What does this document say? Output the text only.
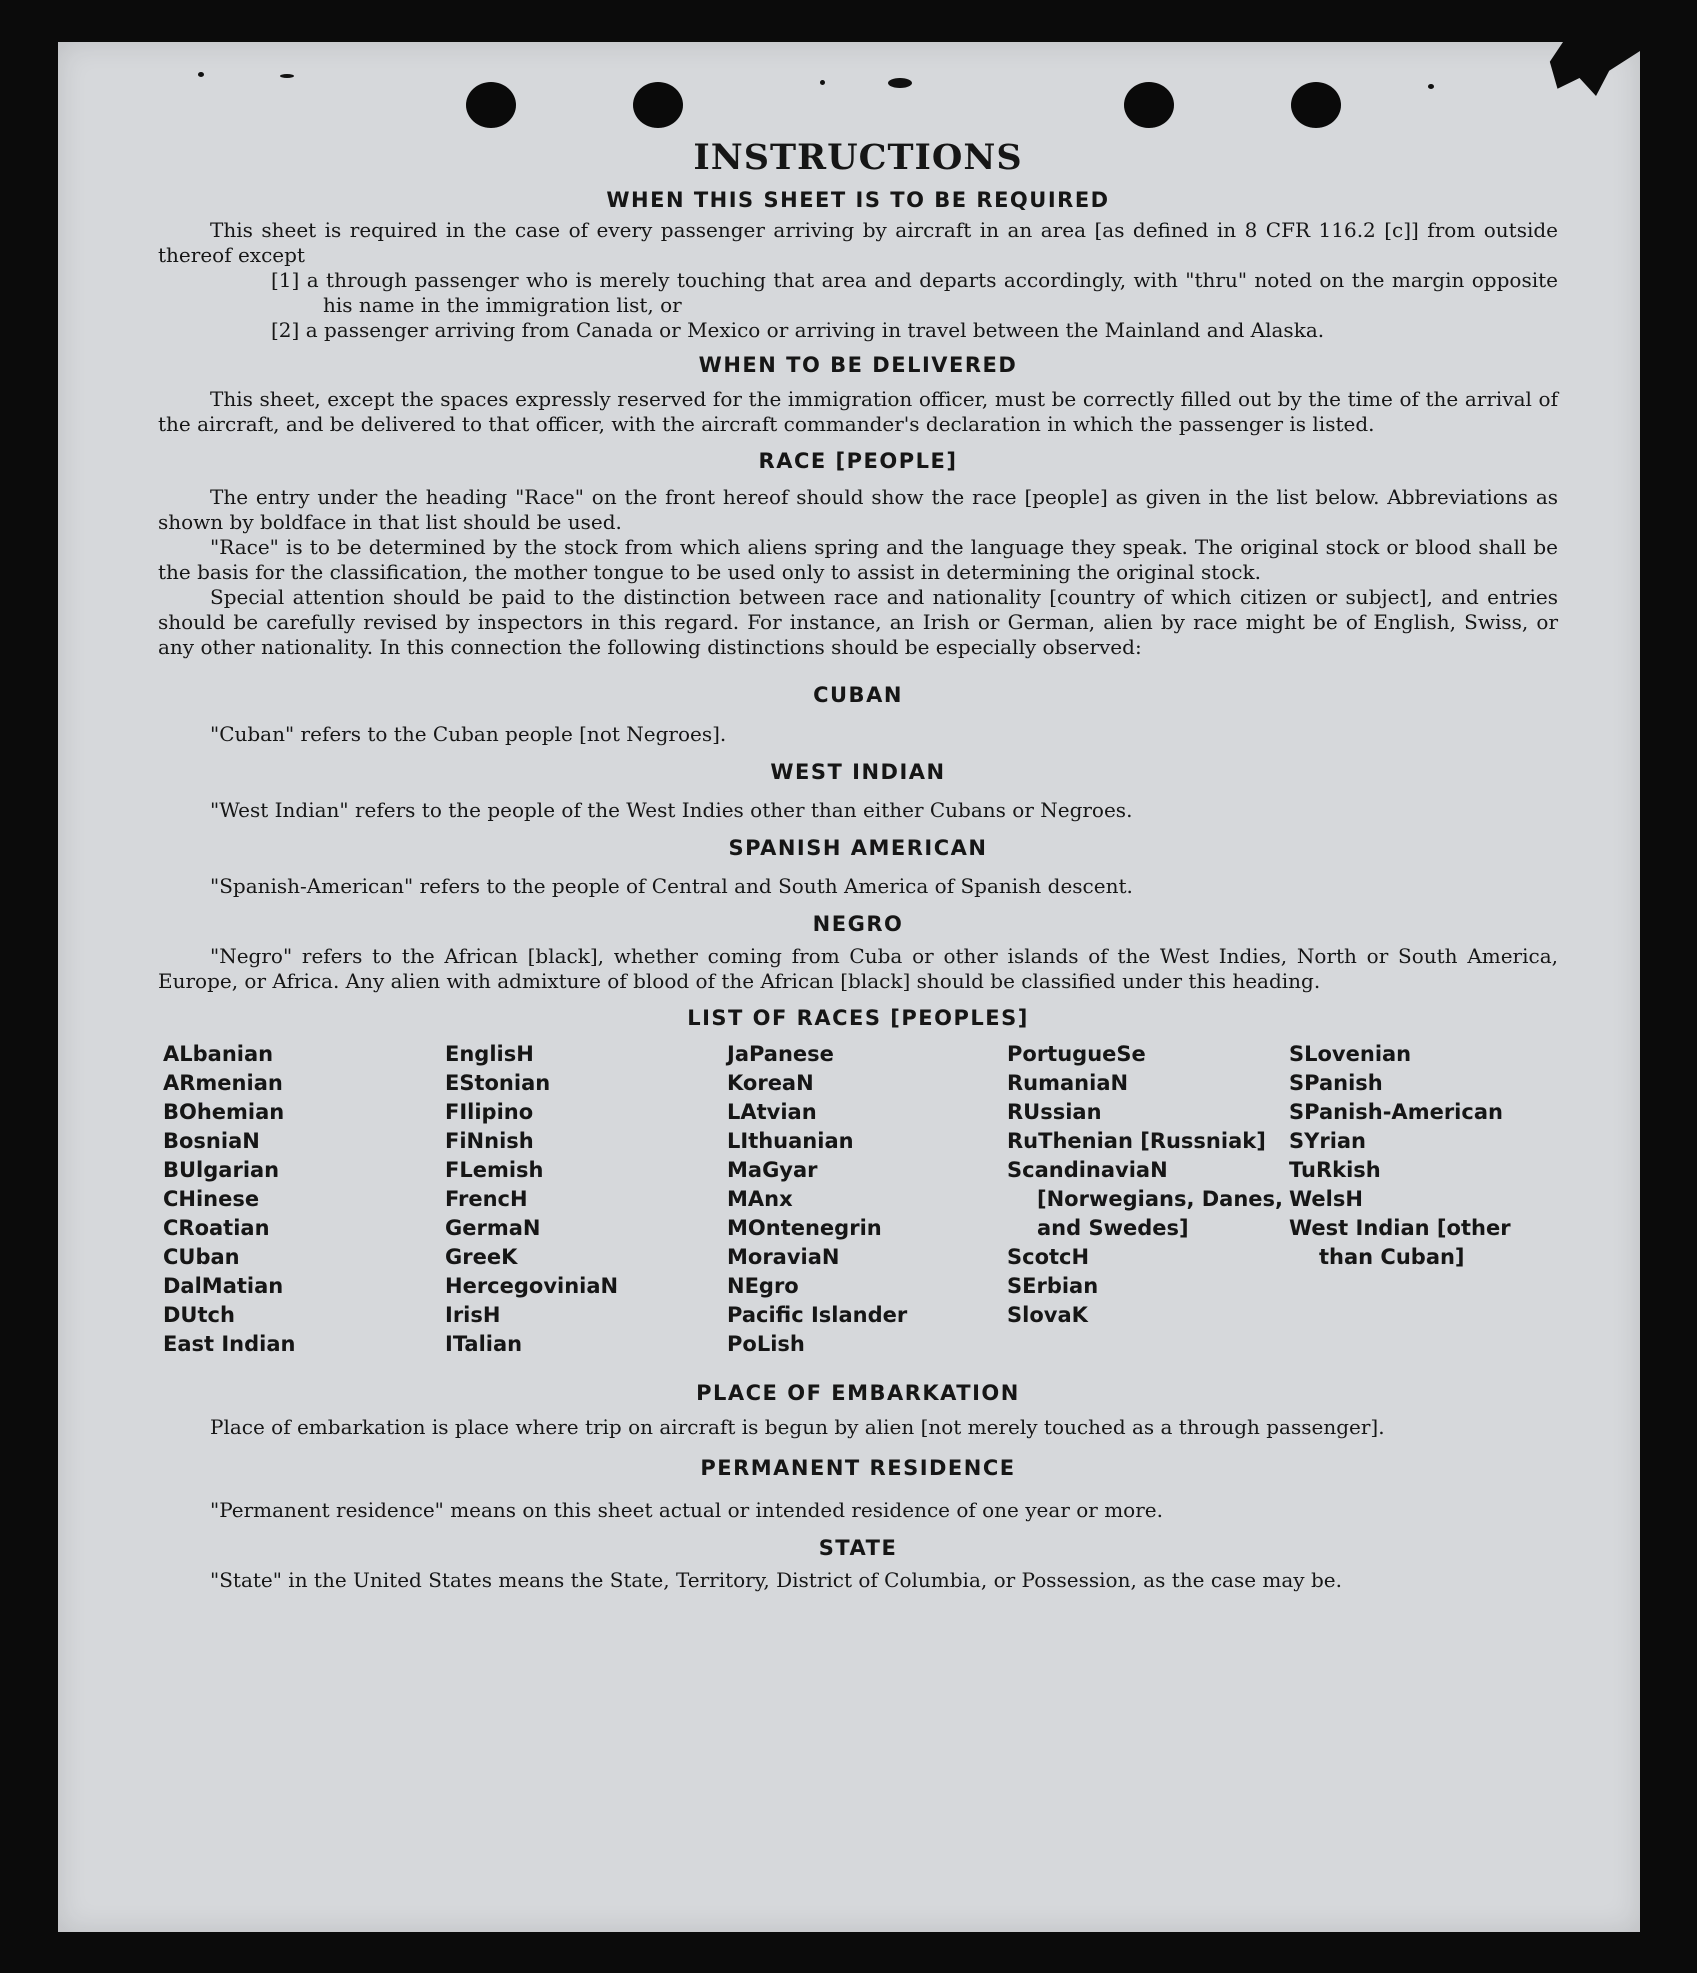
INSTRUCTIONS
WHEN THIS SHEET IS TO BE REQUIRED

This sheet is required in the case of every passenger arriving by aircraft in an area [as defined in 8 CFR 116.2 [c]] from outside thereof except

[1] a through passenger who is merely touching that area and departs accordingly, with "thru" noted on the margin opposite his name in the immigration list, or

[2] a passenger arriving from Canada or Mexico or arriving in travel between the Mainland and Alaska.

WHEN TO BE DELIVERED

This sheet, except the spaces expressly reserved for the immigration officer, must be correctly filled out by the time of the arrival of the aircraft, and be delivered to that officer, with the aircraft commander's declaration in which the passenger is listed.

RACE [PEOPLE]

The entry under the heading "Race" on the front hereof should show the race [people] as given in the list below. Abbreviations as shown by boldface in that list should be used.

"Race" is to be determined by the stock from which aliens spring and the language they speak. The original stock or blood shall be the basis for the classification, the mother tongue to be used only to assist in determining the original stock.

Special attention should be paid to the distinction between race and nationality [country of which citizen or subject], and entries should be carefully revised by inspectors in this regard. For instance, an Irish or German, alien by race might be of English, Swiss, or any other nationality. In this connection the following distinctions should be especially observed:

CUBAN

"Cuban" refers to the Cuban people [not Negroes].

WEST INDIAN

"West Indian" refers to the people of the West Indies other than either Cubans or Negroes.

SPANISH AMERICAN

"Spanish-American" refers to the people of Central and South America of Spanish descent.

NEGRO

"Negro" refers to the African [black], whether coming from Cuba or other islands of the West Indies, North or South America, Europe, or Africa. Any alien with admixture of blood of the African [black] should be classified under this heading.

LIST OF RACES [PEOPLES]
ALbanian
ARmenian
BOhemian
BosniaN
BUlgarian
CHinese
CRoatian
CUban
DalMatian
DUtch
East Indian
EnglisH
EStonian
FIlipino
FiNnish
FLemish
FrencH
GermaN
GreeK
HercegoviniaN
IrisH
ITalian
JaPanese
KoreaN
LAtvian
LIthuanian
MaGyar
MAnx
MOntenegrin
MoraviaN
NEgro
Pacific Islander
PoLish
PortugueSe
RumaniaN
RUssian
RuThenian [Russniak]
ScandinaviaN [Norwegians, Danes, and Swedes]
ScotcH
SErbian
SlovaK
SLovenian
SPanish
SPanish-American
SYrian
TuRkish
WelsH
West Indian [other than Cuban]
PLACE OF EMBARKATION

Place of embarkation is place where trip on aircraft is begun by alien [not merely touched as a through passenger].

PERMANENT RESIDENCE

"Permanent residence" means on this sheet actual or intended residence of one year or more.

STATE

"State" in the United States means the State, Territory, District of Columbia, or Possession, as the case may be.
